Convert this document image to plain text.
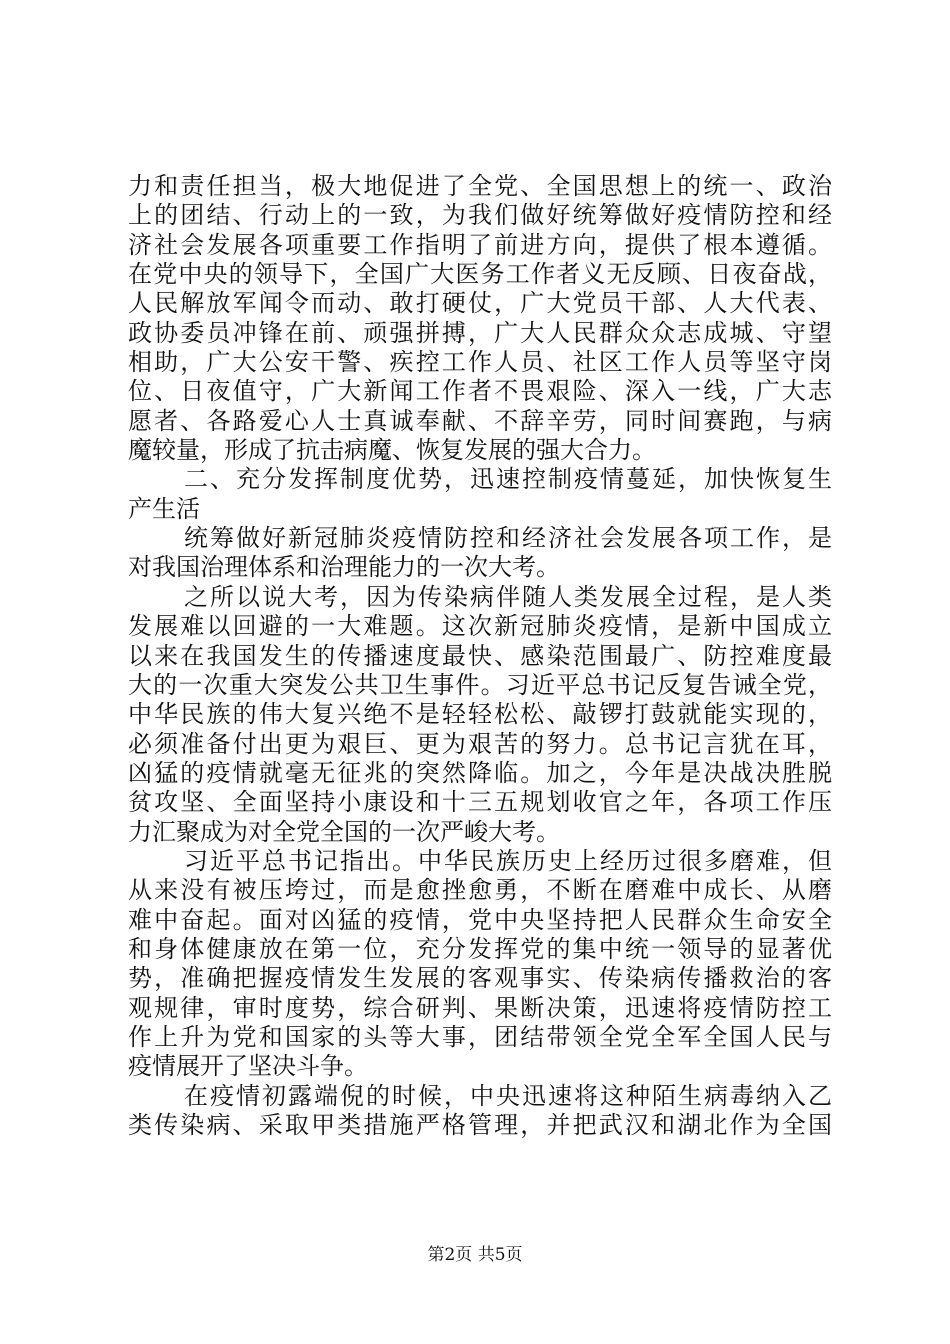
力和责任担当，极大地促进了全党、全国思想上的统一、政治
上的团结、行动上的一致，为我们做好统筹做好疫情防控和经
济社会发展各项重要工作指明了前进方向，提供了根本遵循。
在党中央的领导下，全国广大医务工作者义无反顾、日夜奋战，
人民解放军闻令而动、敢打硬仗，广大党员干部、人大代表、
政协委员冲锋在前、顽强拼搏，广大人民群众众志成城、守望
相助，广大公安干警、疾控工作人员、社区工作人员等坚守岗
位、日夜值守，广大新闻工作者不畏艰险、深入一线，广大志
愿者、各路爱心人士真诚奉献、不辞辛劳，同时间赛跑，与病
魔较量，形成了抗击病魔、恢复发展的强大合力。
二、充分发挥制度优势，迅速控制疫情蔓延，加快恢复生
产生活
统筹做好新冠肺炎疫情防控和经济社会发展各项工作，是
对我国治理体系和治理能力的一次大考。
之所以说大考，因为传染病伴随人类发展全过程，是人类
发展难以回避的一大难题。这次新冠肺炎疫情，是新中国成立
以来在我国发生的传播速度最快、感染范围最广、防控难度最
大的一次重大突发公共卫生事件。习近平总书记反复告诫全党，
中华民族的伟大复兴绝不是轻轻松松、敲锣打鼓就能实现的，
必须准备付出更为艰巨、更为艰苦的努力。总书记言犹在耳，
凶猛的疫情就毫无征兆的突然降临。加之，今年是决战决胜脱
贫攻坚、全面坚持小康设和十三五规划收官之年，各项工作压
力汇聚成为对全党全国的一次严峻大考。
习近平总书记指出。中华民族历史上经历过很多磨难，但
从来没有被压垮过，而是愈挫愈勇，不断在磨难中成长、从磨
难中奋起。面对凶猛的疫情，党中央坚持把人民群众生命安全
和身体健康放在第一位，充分发挥党的集中统一领导的显著优
势，准确把握疫情发生发展的客观事实、传染病传播救治的客
观规律，审时度势，综合研判、果断决策，迅速将疫情防控工
作上升为党和国家的头等大事，团结带领全党全军全国人民与
疫情展开了坚决斗争。
在疫情初露端倪的时候，中央迅速将这种陌生病毒纳入乙
类传染病、采取甲类措施严格管理，并把武汉和湖北作为全国
第2页 共5页
